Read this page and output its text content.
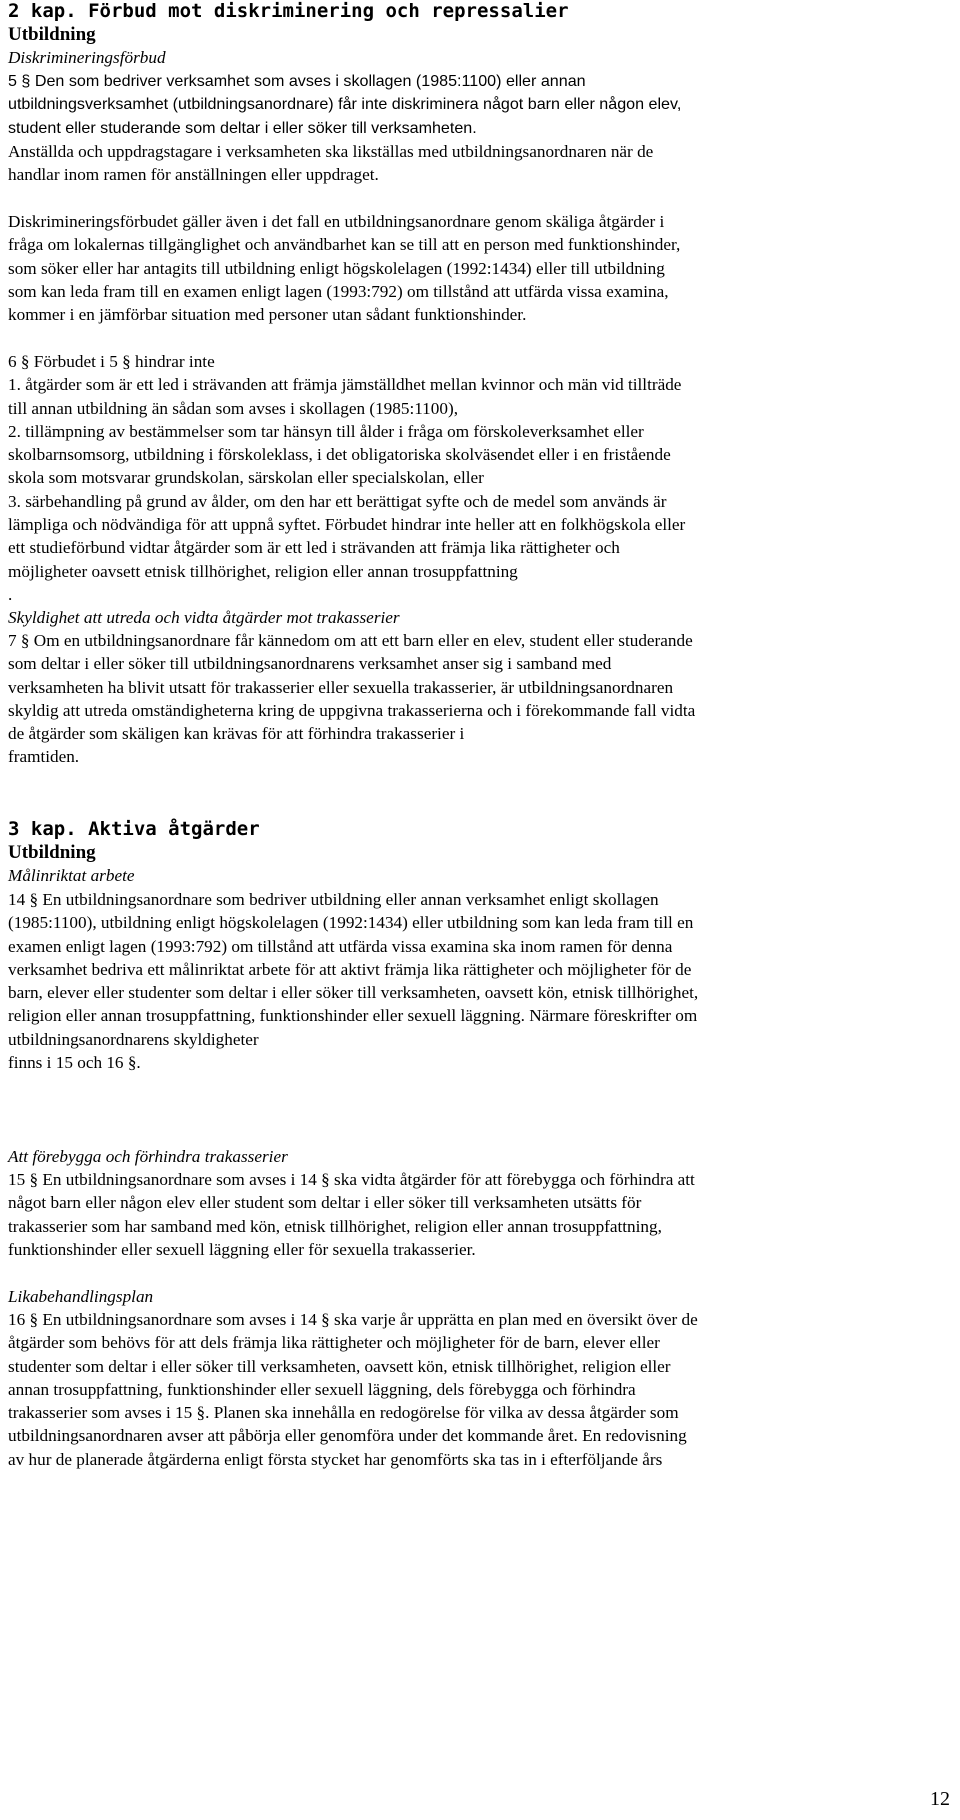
2 kap. Förbud mot diskriminering och repressalier
Utbildning
Diskrimineringsförbud
5 § Den som bedriver verksamhet som avses i skollagen (1985:1100) eller annan
utbildningsverksamhet (utbildningsanordnare) får inte diskriminera något barn eller någon elev,
student eller studerande som deltar i eller söker till verksamheten.
Anställda och uppdragstagare i verksamheten ska likställas med utbildningsanordnaren när de
handlar inom ramen för anställningen eller uppdraget.
Diskrimineringsförbudet gäller även i det fall en utbildningsanordnare genom skäliga åtgärder i
fråga om lokalernas tillgänglighet och användbarhet kan se till att en person med funktionshinder,
som söker eller har antagits till utbildning enligt högskolelagen (1992:1434) eller till utbildning
som kan leda fram till en examen enligt lagen (1993:792) om tillstånd att utfärda vissa examina,
kommer i en jämförbar situation med personer utan sådant funktionshinder.
6 § Förbudet i 5 § hindrar inte
1. åtgärder som är ett led i strävanden att främja jämställdhet mellan kvinnor och män vid tillträde
till annan utbildning än sådan som avses i skollagen (1985:1100),
2. tillämpning av bestämmelser som tar hänsyn till ålder i fråga om förskoleverksamhet eller
skolbarnsomsorg, utbildning i förskoleklass, i det obligatoriska skolväsendet eller i en fristående
skola som motsvarar grundskolan, särskolan eller specialskolan, eller
3. särbehandling på grund av ålder, om den har ett berättigat syfte och de medel som används är
lämpliga och nödvändiga för att uppnå syftet. Förbudet hindrar inte heller att en folkhögskola eller
ett studieförbund vidtar åtgärder som är ett led i strävanden att främja lika rättigheter och
möjligheter oavsett etnisk tillhörighet, religion eller annan trosuppfattning
.
Skyldighet att utreda och vidta åtgärder mot trakasserier
7 § Om en utbildningsanordnare får kännedom om att ett barn eller en elev, student eller studerande
som deltar i eller söker till utbildningsanordnarens verksamhet anser sig i samband med
verksamheten ha blivit utsatt för trakasserier eller sexuella trakasserier, är utbildningsanordnaren
skyldig att utreda omständigheterna kring de uppgivna trakasserierna och i förekommande fall vidta
de åtgärder som skäligen kan krävas för att förhindra trakasserier i
framtiden.
3 kap. Aktiva åtgärder
Utbildning
Målinriktat arbete
14 § En utbildningsanordnare som bedriver utbildning eller annan verksamhet enligt skollagen
(1985:1100), utbildning enligt högskolelagen (1992:1434) eller utbildning som kan leda fram till en
examen enligt lagen (1993:792) om tillstånd att utfärda vissa examina ska inom ramen för denna
verksamhet bedriva ett målinriktat arbete för att aktivt främja lika rättigheter och möjligheter för de
barn, elever eller studenter som deltar i eller söker till verksamheten, oavsett kön, etnisk tillhörighet,
religion eller annan trosuppfattning, funktionshinder eller sexuell läggning. Närmare föreskrifter om
utbildningsanordnarens skyldigheter
finns i 15 och 16 §.
Att förebygga och förhindra trakasserier
15 § En utbildningsanordnare som avses i 14 § ska vidta åtgärder för att förebygga och förhindra att
något barn eller någon elev eller student som deltar i eller söker till verksamheten utsätts för
trakasserier som har samband med kön, etnisk tillhörighet, religion eller annan trosuppfattning,
funktionshinder eller sexuell läggning eller för sexuella trakasserier.
Likabehandlingsplan
16 § En utbildningsanordnare som avses i 14 § ska varje år upprätta en plan med en översikt över de
åtgärder som behövs för att dels främja lika rättigheter och möjligheter för de barn, elever eller
studenter som deltar i eller söker till verksamheten, oavsett kön, etnisk tillhörighet, religion eller
annan trosuppfattning, funktionshinder eller sexuell läggning, dels förebygga och förhindra
trakasserier som avses i 15 §. Planen ska innehålla en redogörelse för vilka av dessa åtgärder som
utbildningsanordnaren avser att påbörja eller genomföra under det kommande året. En redovisning
av hur de planerade åtgärderna enligt första stycket har genomförts ska tas in i efterföljande års
12
